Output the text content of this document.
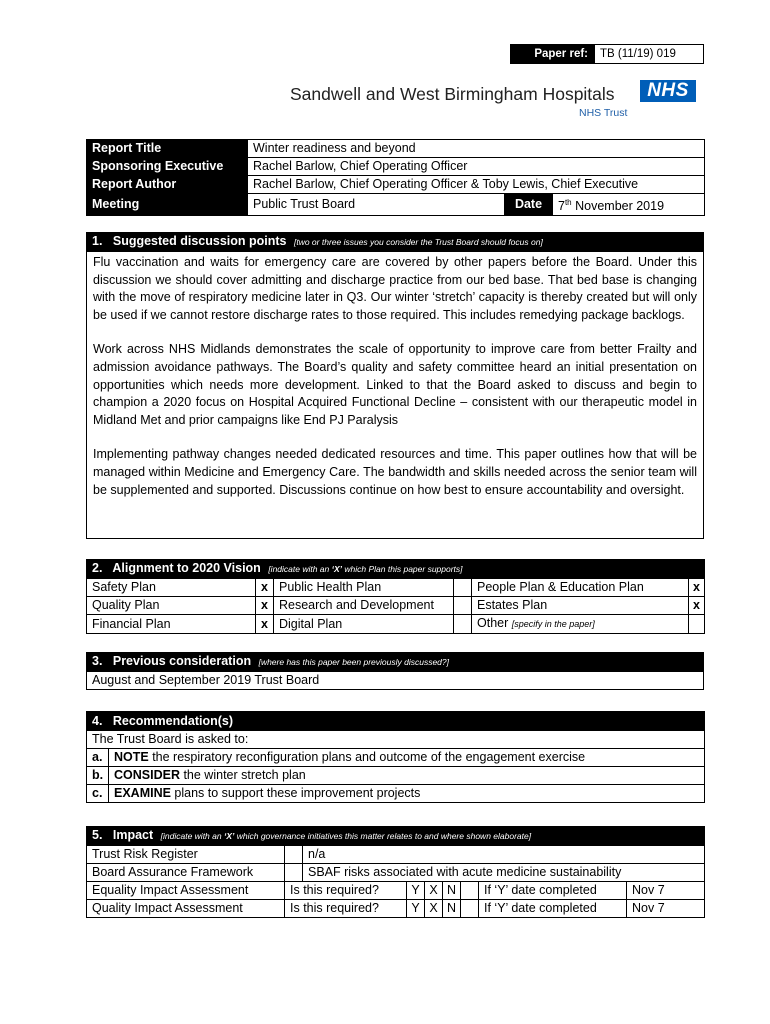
Paper ref:	TB (11/19) 019
Sandwell and West Birmingham Hospitals	NHS
NHS Trust
Report Title	Winter readiness and beyond		
Sponsoring Executive	Rachel Barlow, Chief Operating Officer		
Report Author	Rachel Barlow, Chief Operating Officer & Toby Lewis, Chief Executive		
Meeting	Public Trust Board	Date	7th November 2019
1. Suggested discussion points [two or three issues you consider the Trust Board should focus on]

Flu vaccination and waits for emergency care are covered by other papers before the Board. Under this discussion we should cover admitting and discharge practice from our bed base. That bed base is changing with the move of respiratory medicine later in Q3. Our winter ‘stretch’ capacity is thereby created but will only be used if we cannot restore discharge rates to those required. This includes remedying package backlogs.

Work across NHS Midlands demonstrates the scale of opportunity to improve care from better Frailty and admission avoidance pathways. The Board’s quality and safety committee heard an initial presentation on opportunities which needs more development. Linked to that the Board asked to discuss and begin to champion a 2020 focus on Hospital Acquired Functional Decline – consistent with our therapeutic model in Midland Met and prior campaigns like End PJ Paralysis

Implementing pathway changes needed dedicated resources and time. This paper outlines how that will be managed within Medicine and Emergency Care. The bandwidth and skills needed across the senior team will be supplemented and supported. Discussions continue on how best to ensure accountability and oversight.

2. Alignment to 2020 Vision [indicate with an ‘X’ which Plan this paper supports]					
Safety Plan	x	Public Health Plan		People Plan & Education Plan	x
Quality Plan	x	Research and Development		Estates Plan	x
Financial Plan	x	Digital Plan		Other [specify in the paper]	
3. Previous consideration [where has this paper been previously discussed?]
August and September 2019 Trust Board
4. Recommendation(s)	
The Trust Board is asked to:	
a.	NOTE the respiratory reconfiguration plans and outcome of the engagement exercise
b.	CONSIDER the winter stretch plan
c.	EXAMINE plans to support these improvement projects
5. Impact [indicate with an ‘X’ which governance initiatives this matter relates to and where shown elaborate]								
Trust Risk Register		n/a						
Board Assurance Framework		SBAF risks associated with acute medicine sustainability						
Equality Impact Assessment	Is this required?		Y	X	N		If ‘Y’ date completed	Nov 7
Quality Impact Assessment	Is this required?		Y	X	N		If ‘Y’ date completed	Nov 7
